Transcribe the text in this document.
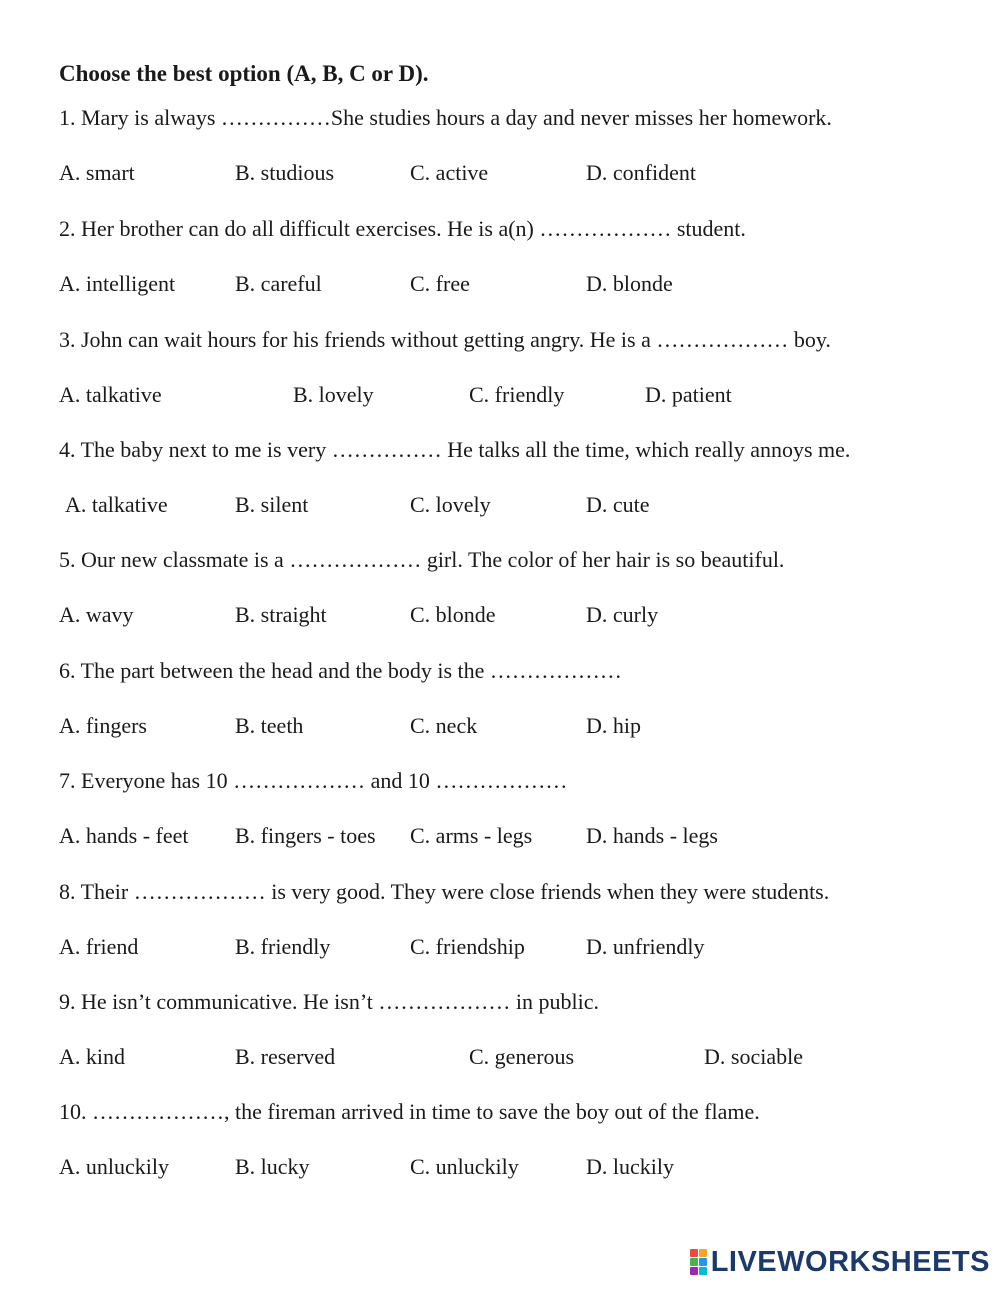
Choose the best option (A, B, C or D).
1. Mary is always ……………She studies hours a day and never misses her homework.
A. smart	B. studious	C. active	D. confident
2. Her brother can do all difficult exercises. He is a(n) ……………… student.
A. intelligent	B. careful	C. free	D. blonde
3. John can wait hours for his friends without getting angry. He is a ……………… boy.
A. talkative	B. lovely	C. friendly	D. patient
4. The baby next to me is very …………… He talks all the time, which really annoys me.
A. talkative	B. silent	C. lovely	D. cute
5. Our new classmate is a ……………… girl. The color of her hair is so beautiful.
A. wavy	B. straight	C. blonde	D. curly
6. The part between the head and the body is the ………………
A. fingers	B. teeth	C. neck	D. hip
7. Everyone has 10 ……………… and 10 ………………
A. hands - feet B. fingers - toes C. arms - legs D. hands - legs
8. Their ……………… is very good. They were close friends when they were students.
A. friend	B. friendly	C. friendship	D. unfriendly
9. He isn’t communicative. He isn’t ……………… in public.
A. kind	B. reserved	C. generous	D. sociable
10. ………………, the fireman arrived in time to save the boy out of the flame.
A. unluckily	B. lucky	C. unluckily	D. luckily
LIVEWORKSHEETS
